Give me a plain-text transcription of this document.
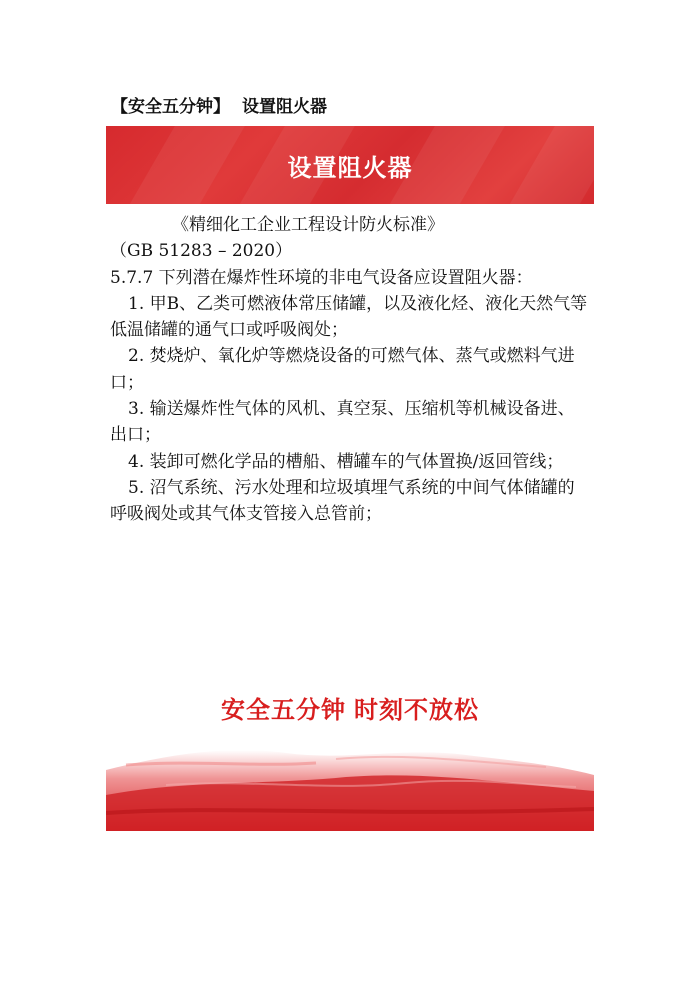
【安全五分钟】 设置阻火器
设置阻火器

《精细化工企业工程设计防火标准》

（GB 51283 – 2020）

5.7.7 下列潜在爆炸性环境的非电气设备应设置阻火器：

1. 甲B、乙类可燃液体常压储罐，以及液化烃、液化天然气等低温储罐的通气口或呼吸阀处；

2. 焚烧炉、氧化炉等燃烧设备的可燃气体、蒸气或燃料气进口；

3. 输送爆炸性气体的风机、真空泵、压缩机等机械设备进、出口；

4. 装卸可燃化学品的槽船、槽罐车的气体置换/返回管线；

5. 沼气系统、污水处理和垃圾填埋气系统的中间气体储罐的呼吸阀处或其气体支管接入总管前；

安全五分钟 时刻不放松
